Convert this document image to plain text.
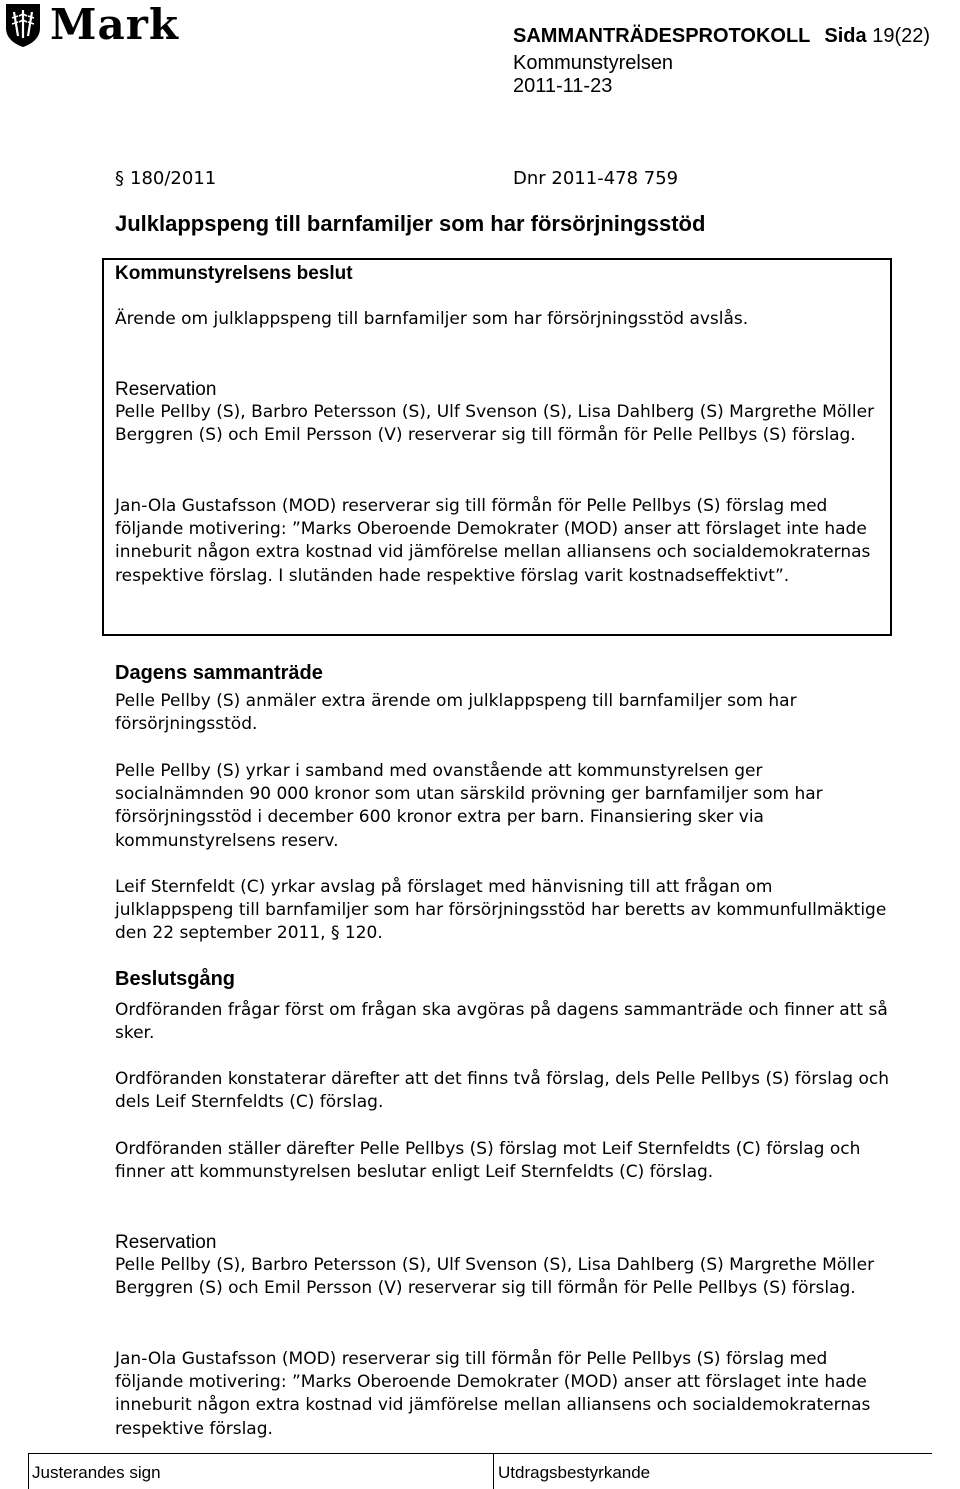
Mark	SAMMANTRÄDESPROTOKOLL Sida 19(22)
Kommunstyrelsen
2011-11-23
§ 180/2011	Dnr 2011-478 759
Julklappspeng till barnfamiljer som har försörjningsstöd
Kommunstyrelsens beslut

Ärende om julklappspeng till barnfamiljer som har försörjningsstöd avslås.

Reservation

Pelle Pellby (S), Barbro Petersson (S), Ulf Svenson (S), Lisa Dahlberg (S) Margrethe Möller Berggren (S) och Emil Persson (V) reserverar sig till förmån för Pelle Pellbys (S) förslag.

Jan-Ola Gustafsson (MOD) reserverar sig till förmån för Pelle Pellbys (S) förslag med följande motivering: ”Marks Oberoende Demokrater (MOD) anser att förslaget inte hade inneburit någon extra kostnad vid jämförelse mellan alliansens och socialdemokraternas respektive förslag. I slutänden hade respektive förslag varit kostnadseffektivt”.

Dagens sammanträde

Pelle Pellby (S) anmäler extra ärende om julklappspeng till barnfamiljer som har försörjningsstöd.

Pelle Pellby (S) yrkar i samband med ovanstående att kommunstyrelsen ger socialnämnden 90 000 kronor som utan särskild prövning ger barnfamiljer som har försörjningsstöd i december 600 kronor extra per barn. Finansiering sker via kommunstyrelsens reserv.

Leif Sternfeldt (C) yrkar avslag på förslaget med hänvisning till att frågan om julklappspeng till barnfamiljer som har försörjningsstöd har beretts av kommunfullmäktige den 22 september 2011, § 120.

Beslutsgång

Ordföranden frågar först om frågan ska avgöras på dagens sammanträde och finner att så sker.

Ordföranden konstaterar därefter att det finns två förslag, dels Pelle Pellbys (S) förslag och dels Leif Sternfeldts (C) förslag.

Ordföranden ställer därefter Pelle Pellbys (S) förslag mot Leif Sternfeldts (C) förslag och finner att kommunstyrelsen beslutar enligt Leif Sternfeldts (C) förslag.

Reservation

Pelle Pellby (S), Barbro Petersson (S), Ulf Svenson (S), Lisa Dahlberg (S) Margrethe Möller Berggren (S) och Emil Persson (V) reserverar sig till förmån för Pelle Pellbys (S) förslag.

Jan-Ola Gustafsson (MOD) reserverar sig till förmån för Pelle Pellbys (S) förslag med följande motivering: ”Marks Oberoende Demokrater (MOD) anser att förslaget inte hade inneburit någon extra kostnad vid jämförelse mellan alliansens och socialdemokraternas respektive förslag.

Justerandes sign	Utdragsbestyrkande
